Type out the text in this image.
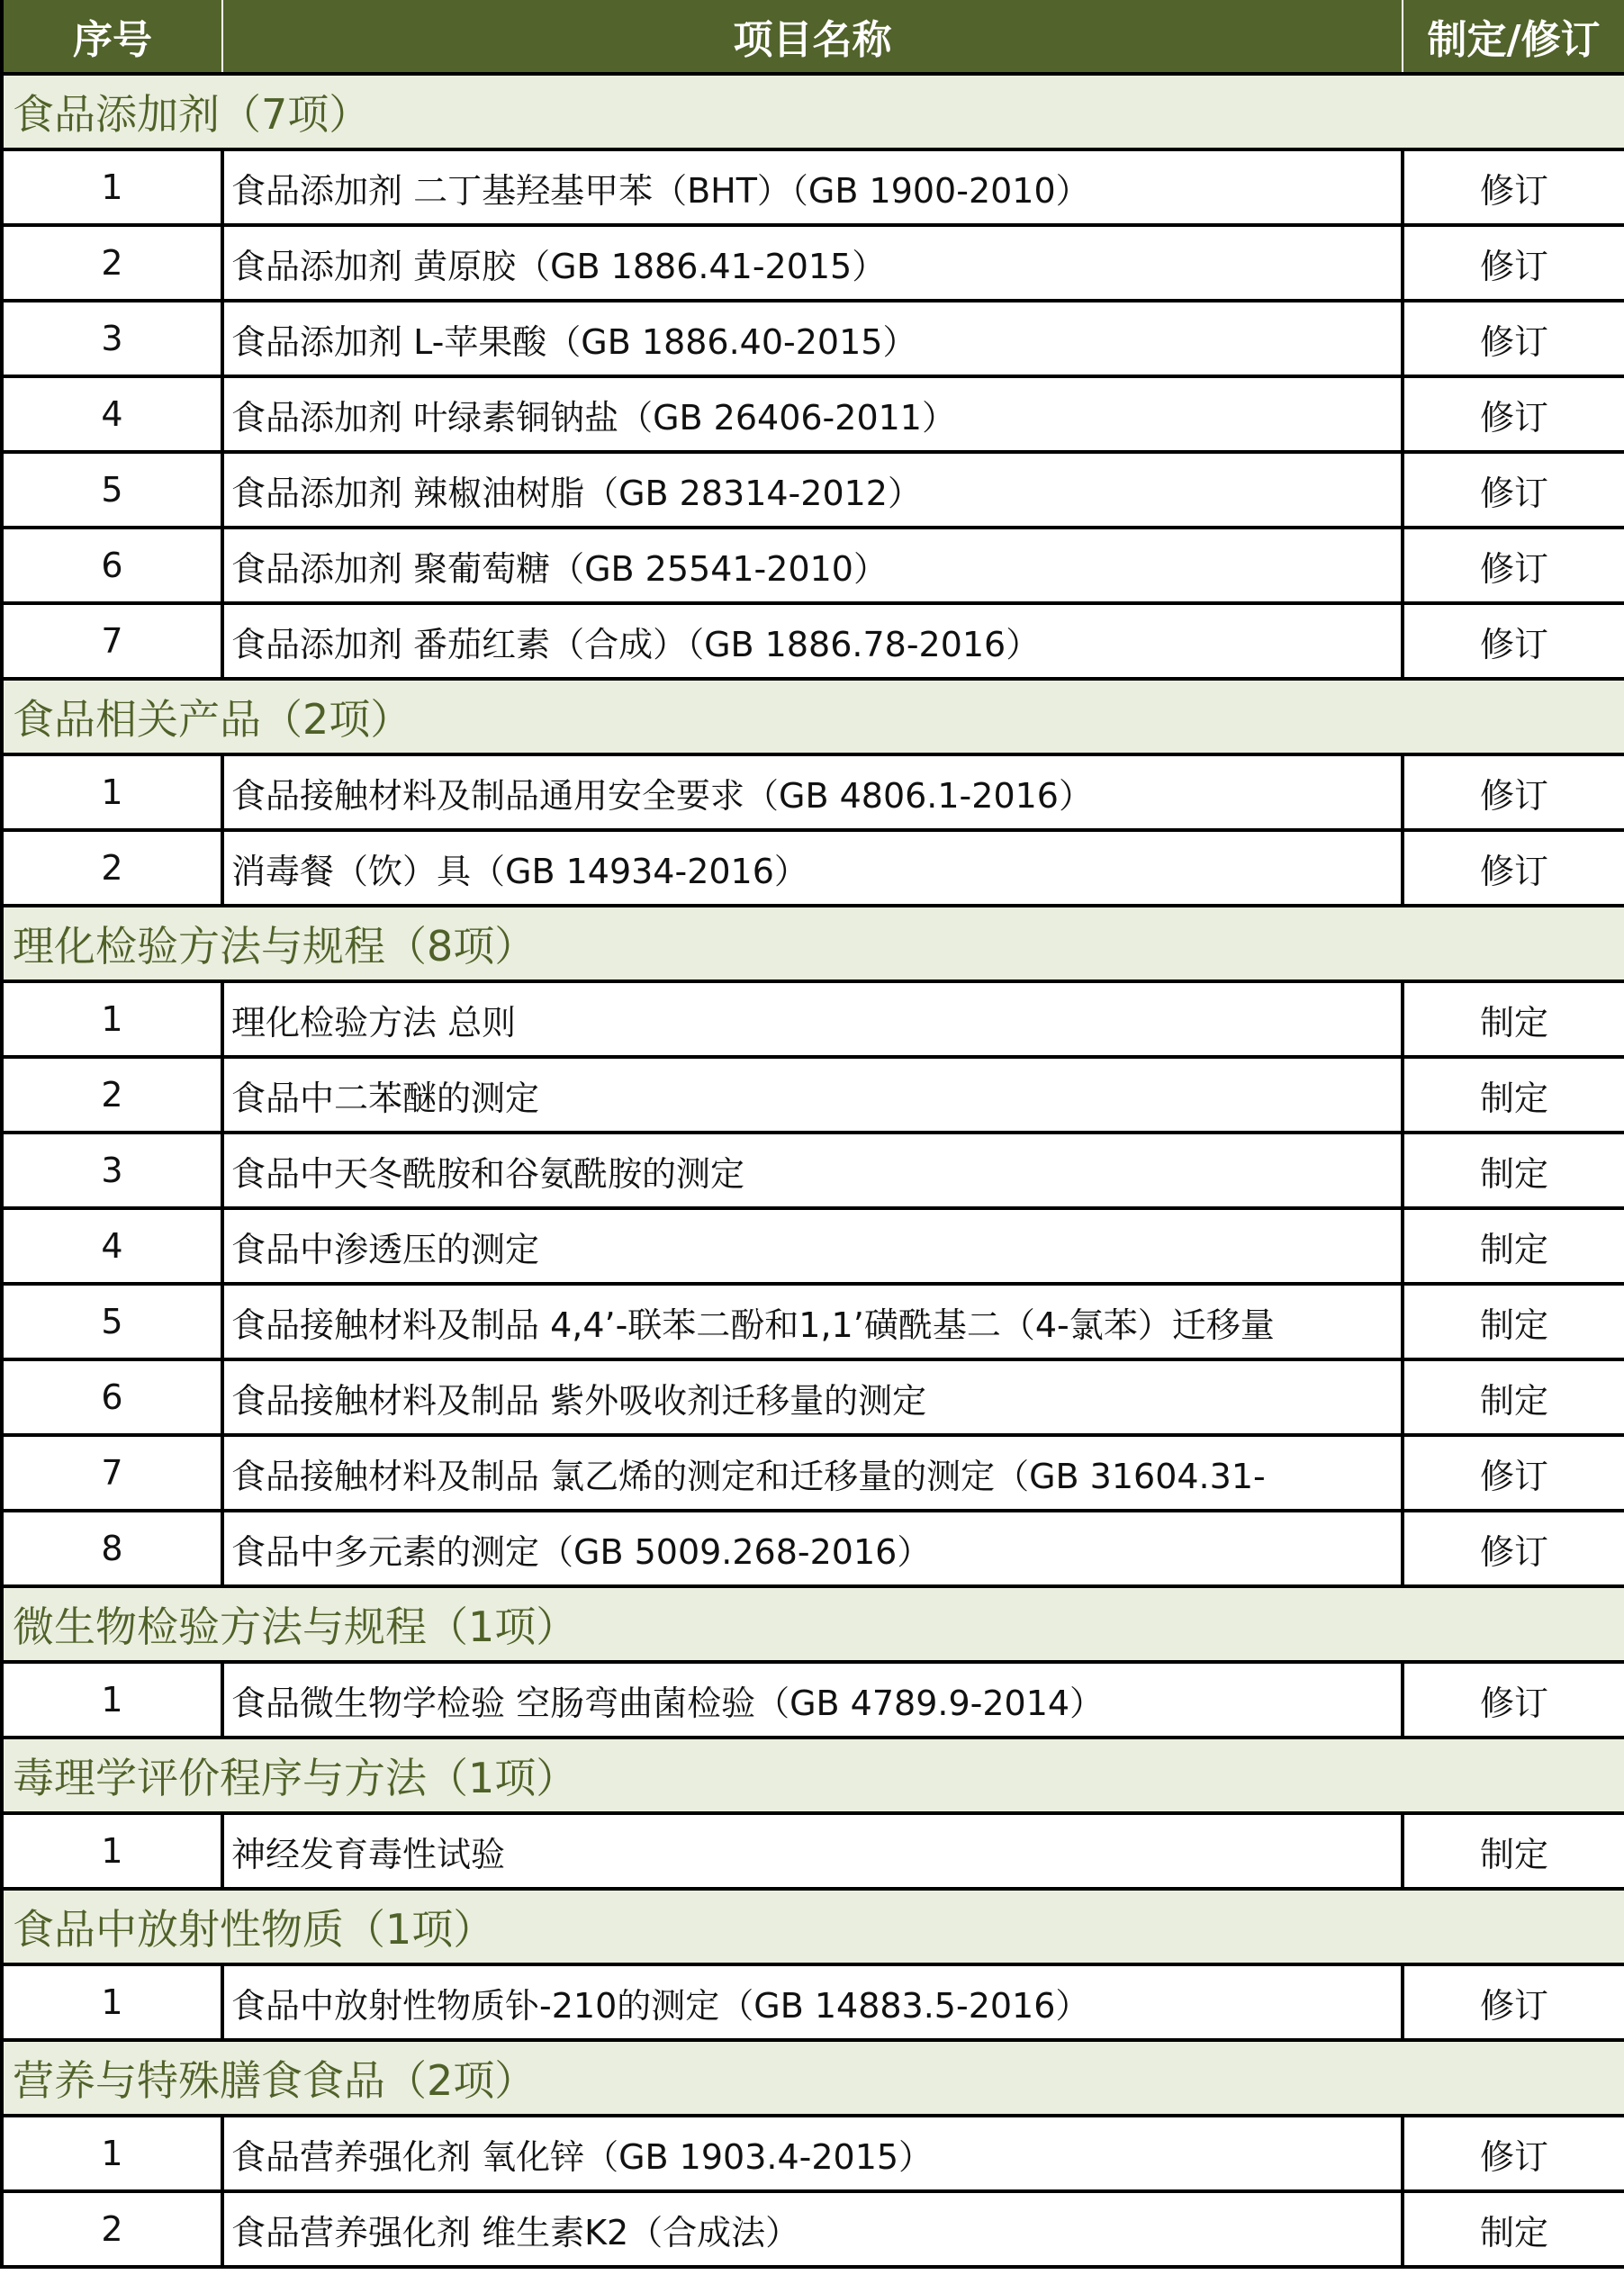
序号	项目名称	制定/修订
食品添加剂（7项）		
1	食品添加剂 二丁基羟基甲苯（BHT）（GB 1900-2010）	修订
2	食品添加剂 黄原胶（GB 1886.41-2015）	修订
3	食品添加剂 L-苹果酸（GB 1886.40-2015）	修订
4	食品添加剂 叶绿素铜钠盐（GB 26406-2011）	修订
5	食品添加剂 辣椒油树脂（GB 28314-2012）	修订
6	食品添加剂 聚葡萄糖（GB 25541-2010）	修订
7	食品添加剂 番茄红素（合成）（GB 1886.78-2016）	修订
食品相关产品（2项）		
1	食品接触材料及制品通用安全要求（GB 4806.1-2016）	修订
2	消毒餐（饮）具（GB 14934-2016）	修订
理化检验方法与规程（8项）		
1	理化检验方法 总则	制定
2	食品中二苯醚的测定	制定
3	食品中天冬酰胺和谷氨酰胺的测定	制定
4	食品中渗透压的测定	制定
5	食品接触材料及制品 4,4’-联苯二酚和1,1’磺酰基二（4-氯苯）迁移量	制定
6	食品接触材料及制品 紫外吸收剂迁移量的测定	制定
7	食品接触材料及制品 氯乙烯的测定和迁移量的测定（GB 31604.31-	修订
8	食品中多元素的测定（GB 5009.268-2016）	修订
微生物检验方法与规程（1项）		
1	食品微生物学检验 空肠弯曲菌检验（GB 4789.9-2014）	修订
毒理学评价程序与方法（1项）		
1	神经发育毒性试验	制定
食品中放射性物质（1项）		
1	食品中放射性物质钋-210的测定（GB 14883.5-2016）	修订
营养与特殊膳食食品（2项）		
1	食品营养强化剂 氧化锌（GB 1903.4-2015）	修订
2	食品营养强化剂 维生素K2（合成法）	制定
